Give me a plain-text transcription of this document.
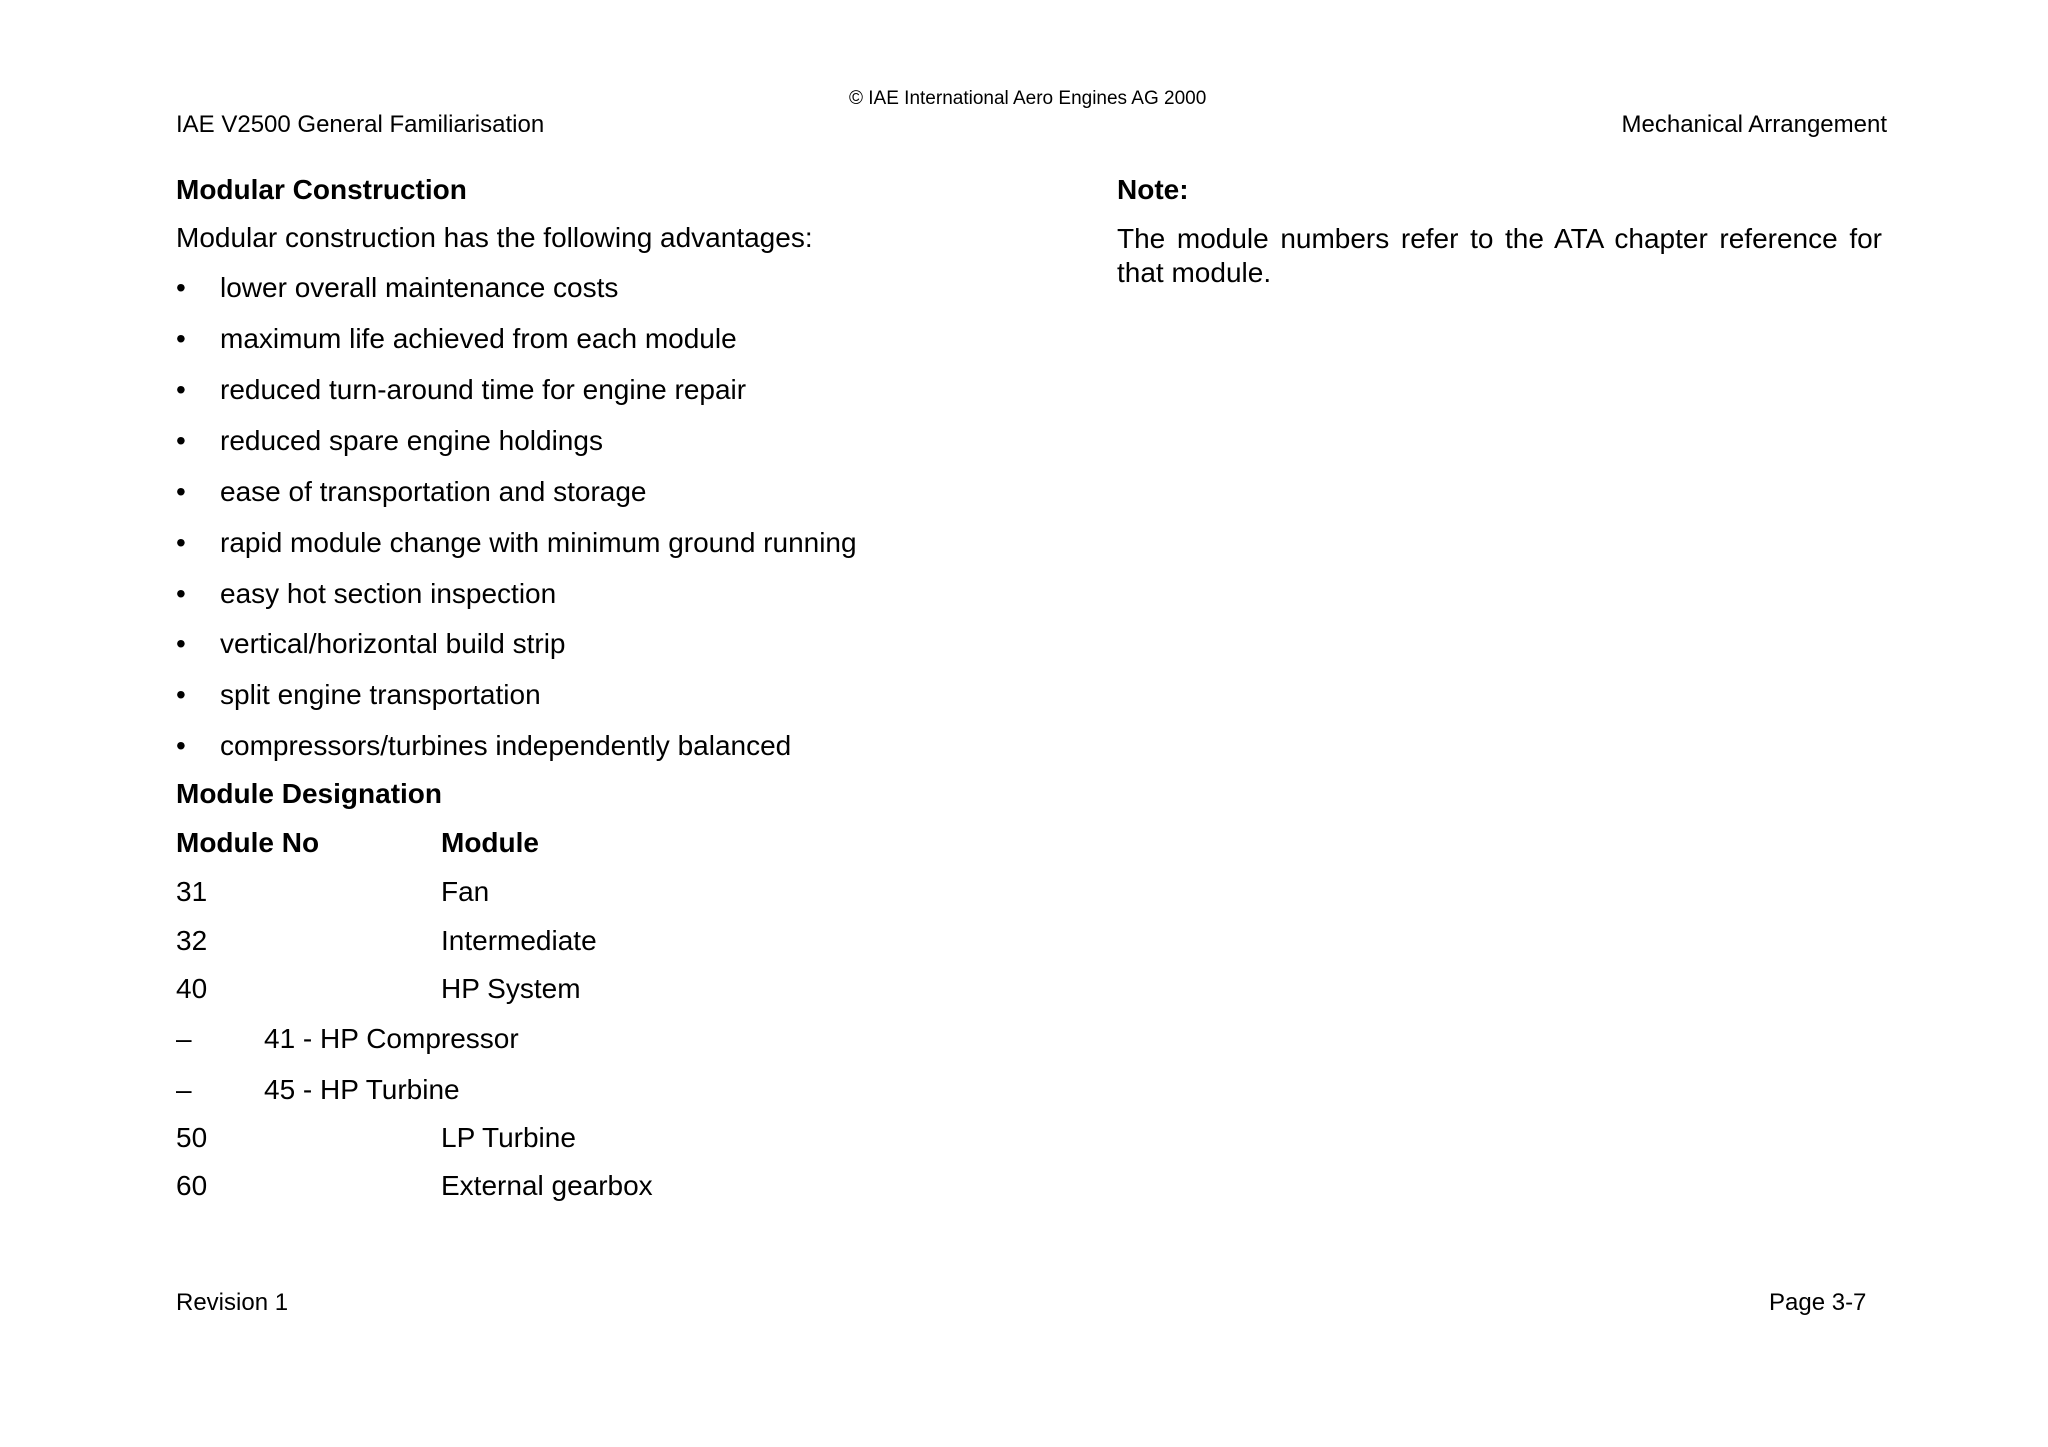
© IAE International Aero Engines AG 2000
IAE V2500 General Familiarisation	Mechanical Arrangement
Modular Construction
Modular construction has the following advantages:
• lower overall maintenance costs
• maximum life achieved from each module
• reduced turn-around time for engine repair
• reduced spare engine holdings
• ease of transportation and storage
• rapid module change with minimum ground running
• easy hot section inspection
• vertical/horizontal build strip
• split engine transportation
• compressors/turbines independently balanced
Module Designation
Module No	Module
31	Fan
32	Intermediate
40	HP System
–	41 - HP Compressor
–	45 - HP Turbine
50	LP Turbine
60	External gearbox
Note:
The module numbers refer to the ATA chapter reference for that module.
Revision 1	Page 3-7
